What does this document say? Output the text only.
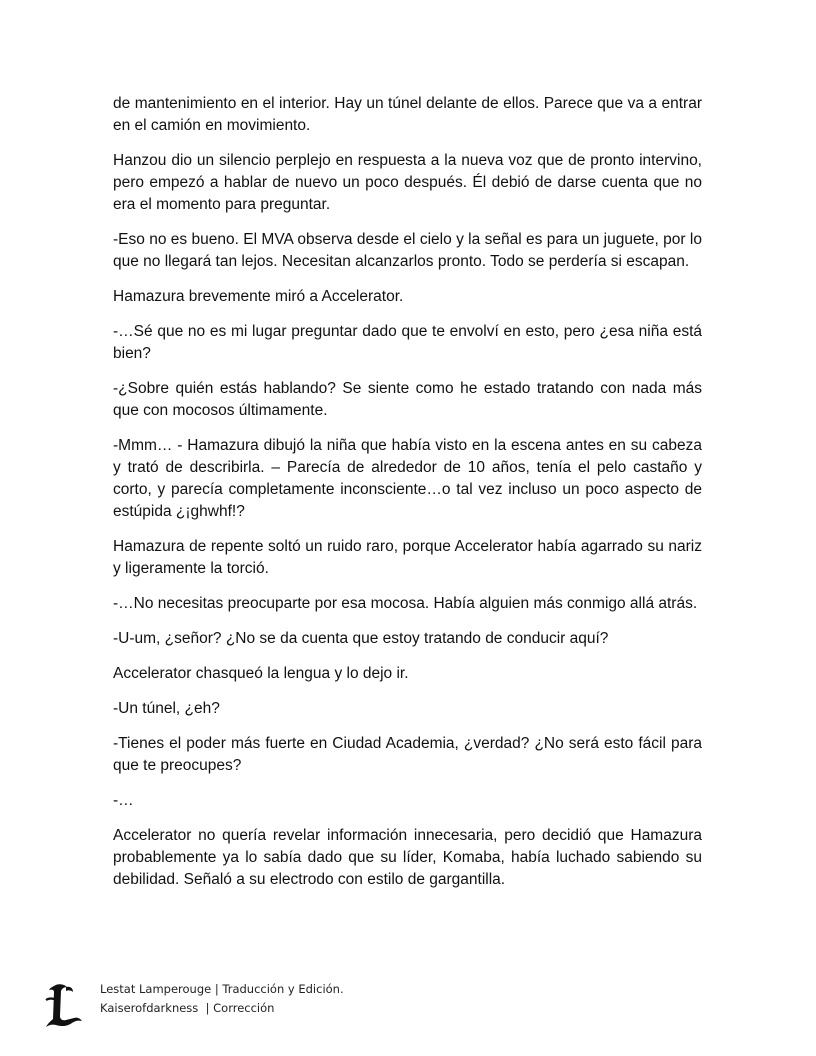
de mantenimiento en el interior. Hay un túnel delante de ellos. Parece que va a entrar en el camión en movimiento.

Hanzou dio un silencio perplejo en respuesta a la nueva voz que de pronto intervino, pero empezó a hablar de nuevo un poco después. Él debió de darse cuenta que no era el momento para preguntar.

-Eso no es bueno. El MVA observa desde el cielo y la señal es para un juguete, por lo que no llegará tan lejos. Necesitan alcanzarlos pronto. Todo se perdería si escapan.

Hamazura brevemente miró a Accelerator.

-…Sé que no es mi lugar preguntar dado que te envolví en esto, pero ¿esa niña está bien?

-¿Sobre quién estás hablando? Se siente como he estado tratando con nada más que con mocosos últimamente.

-Mmm… - Hamazura dibujó la niña que había visto en la escena antes en su cabeza y trató de describirla. – Parecía de alrededor de 10 años, tenía el pelo castaño y corto, y parecía completamente inconsciente…o tal vez incluso un poco aspecto de estúpida ¿¡ghwhf!?

Hamazura de repente soltó un ruido raro, porque Accelerator había agarrado su nariz y ligeramente la torció.

-…No necesitas preocuparte por esa mocosa. Había alguien más conmigo allá atrás.

-U-um, ¿señor? ¿No se da cuenta que estoy tratando de conducir aquí?

Accelerator chasqueó la lengua y lo dejo ir.

-Un túnel, ¿eh?

-Tienes el poder más fuerte en Ciudad Academia, ¿verdad? ¿No será esto fácil para que te preocupes?

-…

Accelerator no quería revelar información innecesaria, pero decidió que Hamazura probablemente ya lo sabía dado que su líder, Komaba, había luchado sabiendo su debilidad. Señaló a su electrodo con estilo de gargantilla.

Lestat Lamperouge | Traducción y Edición.
Kaiserofdarkness  | Corrección
